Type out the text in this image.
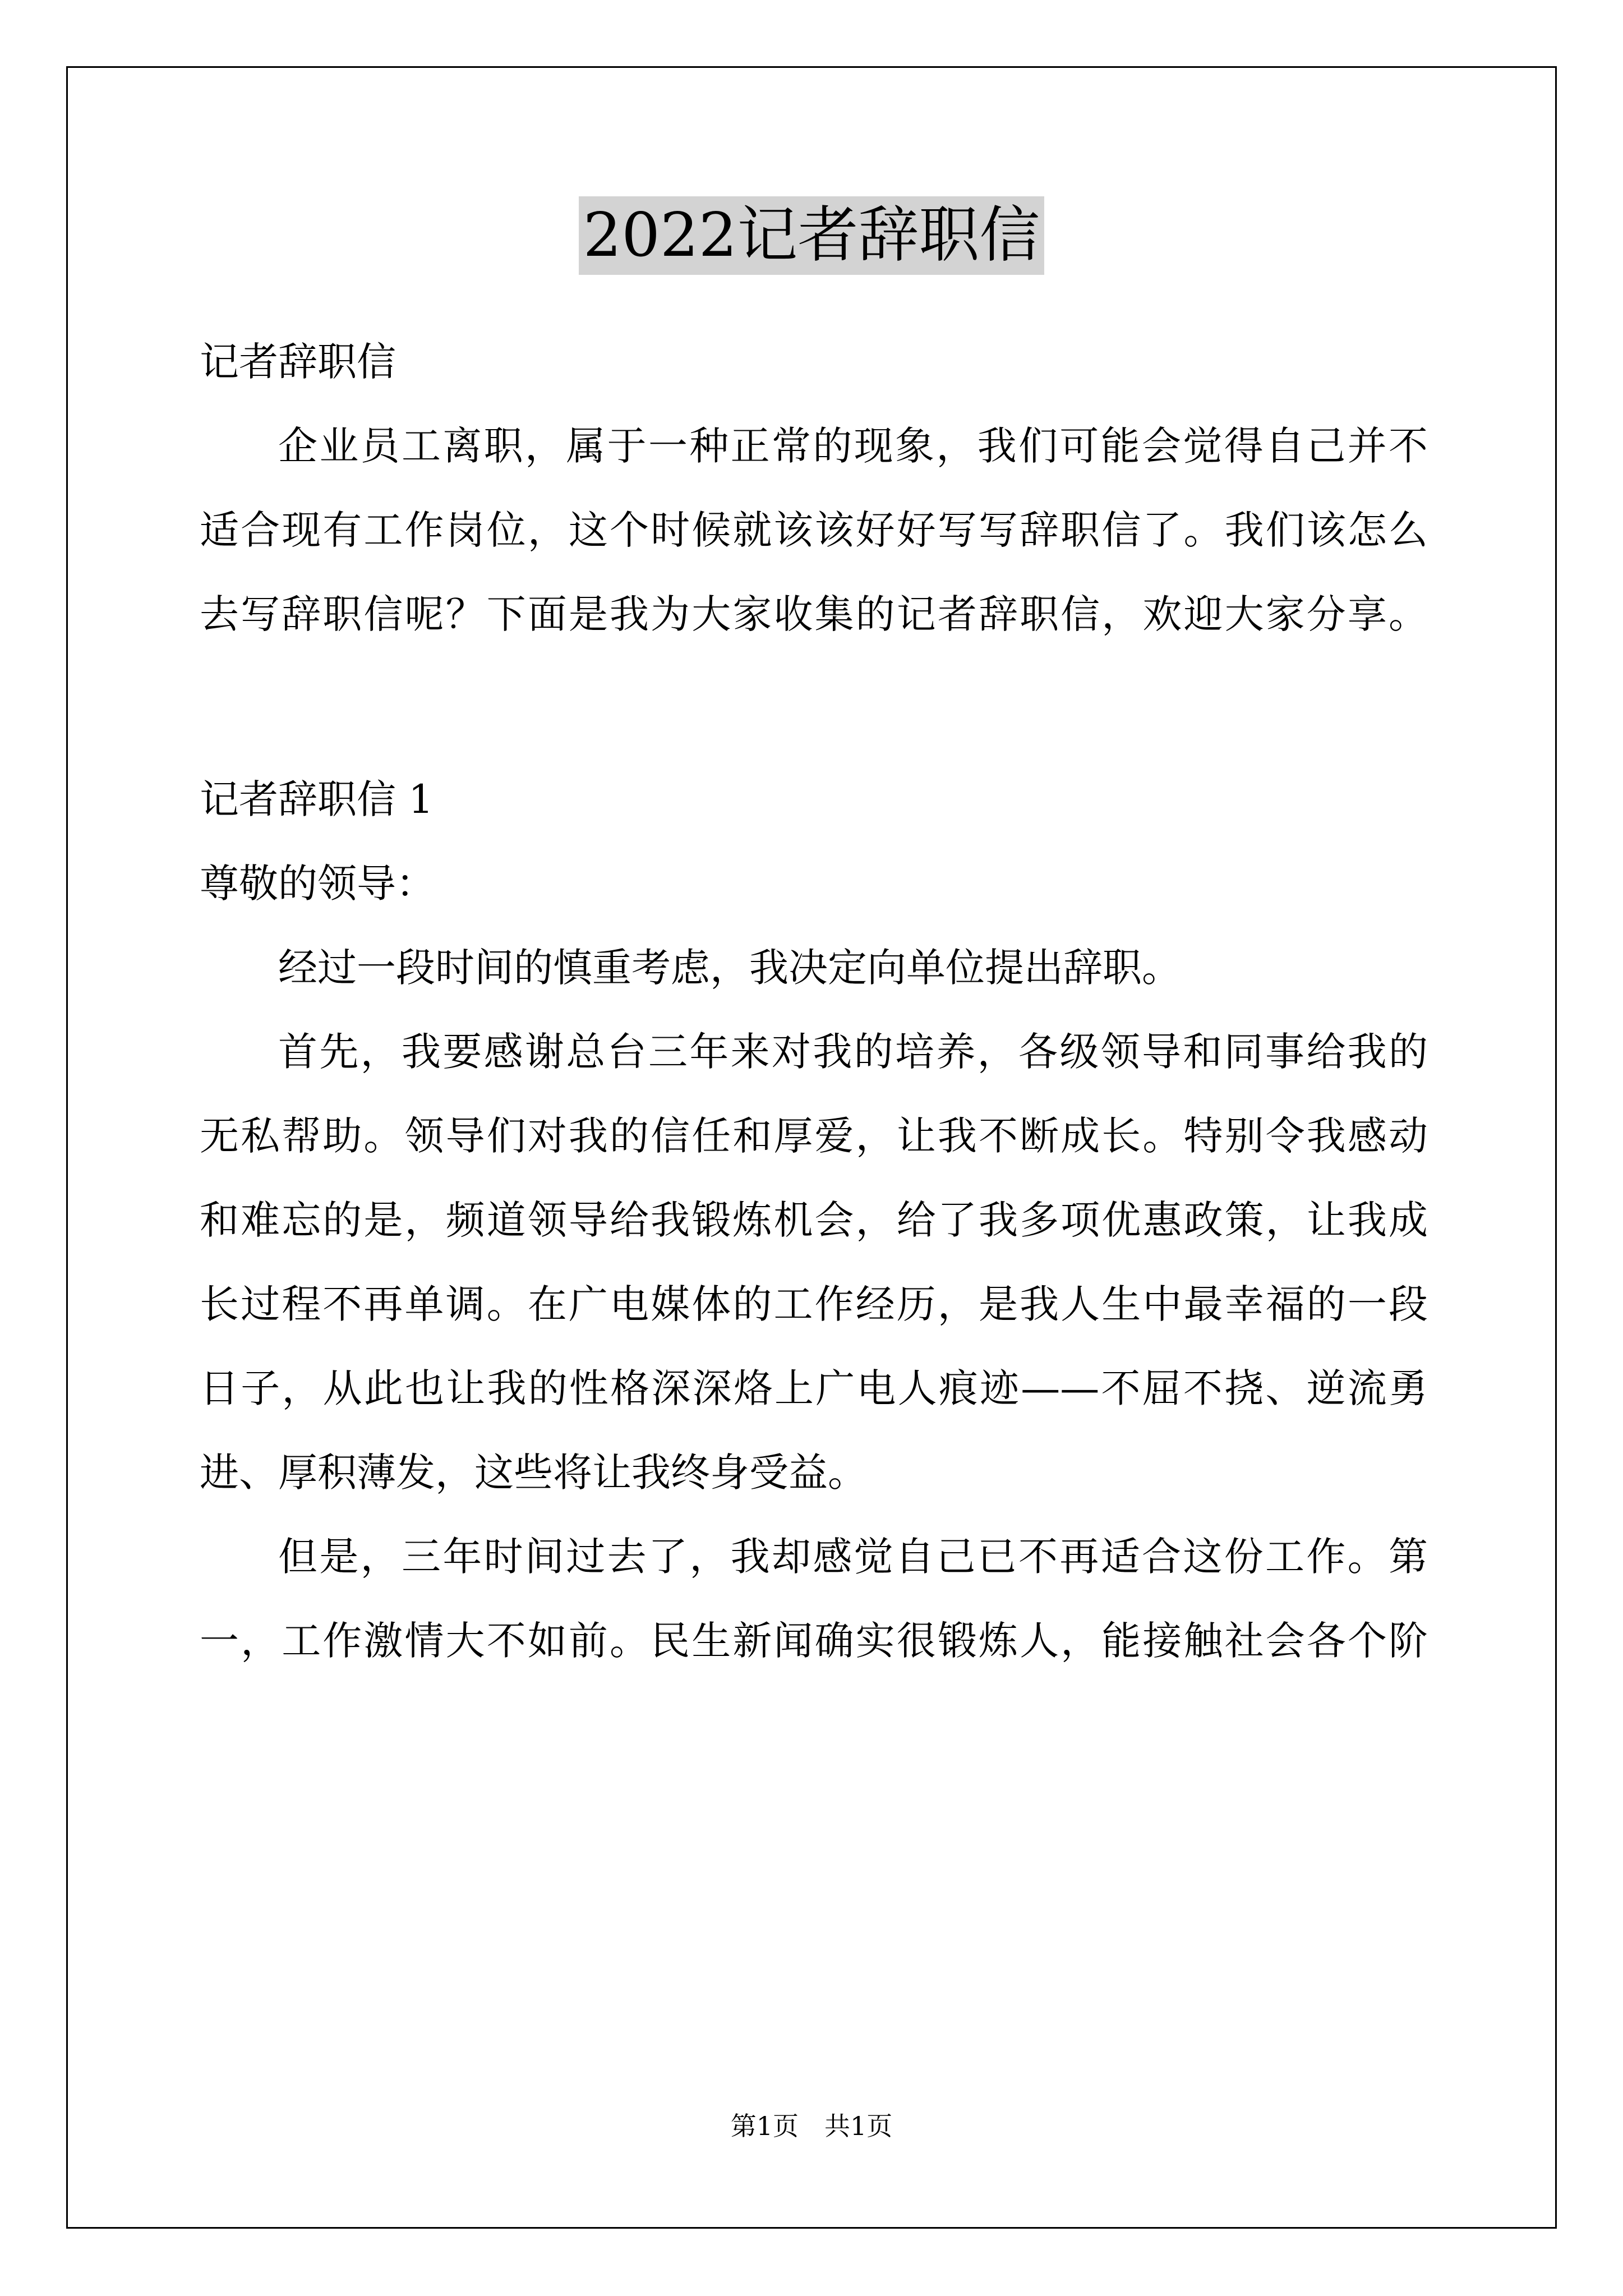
2022记者辞职信
记者辞职信
企业员工离职，属于一种正常的现象，我们可能会觉得自己并不
适合现有工作岗位，这个时候就该该好好写写辞职信了。我们该怎么
去写辞职信呢？下面是我为大家收集的记者辞职信，欢迎大家分享。
记者辞职信 1
尊敬的领导：
经过一段时间的慎重考虑，我决定向单位提出辞职。
首先，我要感谢总台三年来对我的培养，各级领导和同事给我的
无私帮助。领导们对我的信任和厚爱，让我不断成长。特别令我感动
和难忘的是，频道领导给我锻炼机会，给了我多项优惠政策，让我成
长过程不再单调。在广电媒体的工作经历，是我人生中最幸福的一段
日子，从此也让我的性格深深烙上广电人痕迹——不屈不挠、逆流勇
进、厚积薄发，这些将让我终身受益。
但是，三年时间过去了，我却感觉自己已不再适合这份工作。第
一，工作激情大不如前。民生新闻确实很锻炼人，能接触社会各个阶
第1页　共1页
